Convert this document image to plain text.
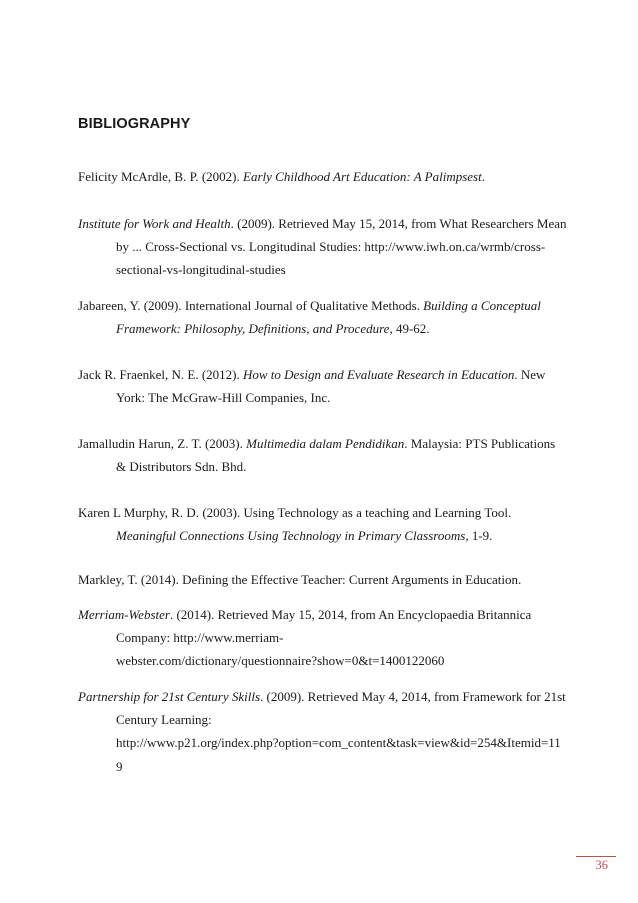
BIBLIOGRAPHY

Felicity McArdle, B. P. (2002). Early Childhood Art Education: A Palimpsest.

Institute for Work and Health. (2009). Retrieved May 15, 2014, from What Researchers Mean
by ... Cross-Sectional vs. Longitudinal Studies: http://www.iwh.on.ca/wrmb/cross-
sectional-vs-longitudinal-studies

Jabareen, Y. (2009). International Journal of Qualitative Methods. Building a Conceptual
Framework: Philosophy, Definitions, and Procedure, 49-62.

Jack R. Fraenkel, N. E. (2012). How to Design and Evaluate Research in Education. New
York: The McGraw-Hill Companies, Inc.

Jamalludin Harun, Z. T. (2003). Multimedia dalam Pendidikan. Malaysia: PTS Publications
& Distributors Sdn. Bhd.

Karen L Murphy, R. D. (2003). Using Technology as a teaching and Learning Tool.
Meaningful Connections Using Technology in Primary Classrooms, 1-9.

Markley, T. (2014). Defining the Effective Teacher: Current Arguments in Education.

Merriam-Webster. (2014). Retrieved May 15, 2014, from An Encyclopaedia Britannica
Company: http://www.merriam-
webster.com/dictionary/questionnaire?show=0&t=1400122060

Partnership for 21st Century Skills. (2009). Retrieved May 4, 2014, from Framework for 21st
Century Learning:
http://www.p21.org/index.php?option=com_content&task=view&id=254&Itemid=11
9

36
